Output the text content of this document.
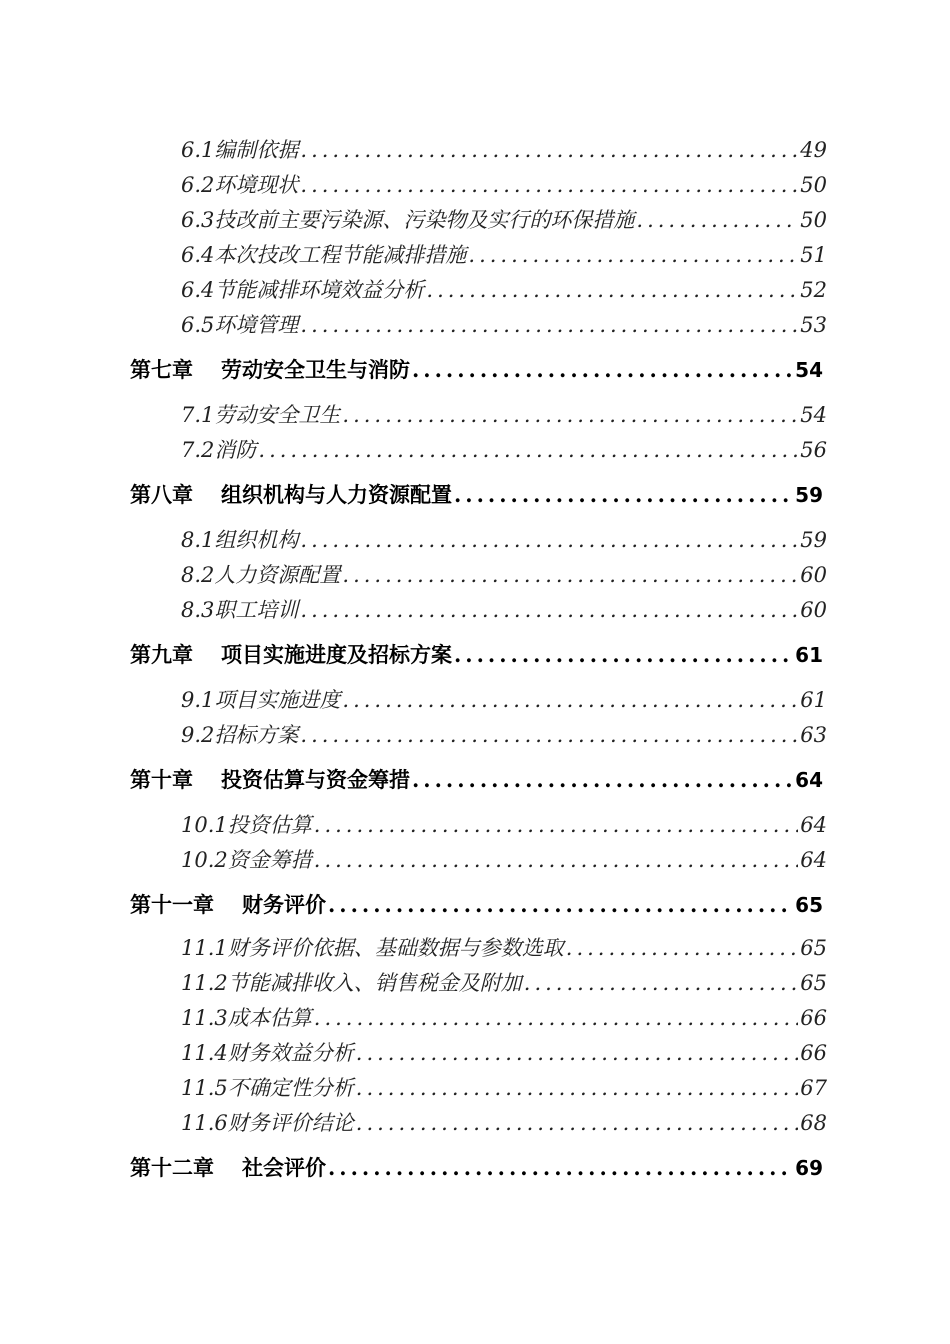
6.1编制依据 .....	49
6.2环境现状 .....	50
6.3技改前主要污染源、污染物及实行的环保措施 .....	50
6.4本次技改工程节能减排措施 .....	51
6.4节能减排环境效益分析 .....	52
6.5环境管理 .....	53
第七章 劳动安全卫生与消防 .....	54
7.1劳动安全卫生 .....	54
7.2消防 .....	56
第八章 组织机构与人力资源配置 .....	59
8.1组织机构 .....	59
8.2人力资源配置 .....	60
8.3职工培训 .....	60
第九章 项目实施进度及招标方案 .....	61
9.1项目实施进度 .....	61
9.2招标方案 .....	63
第十章 投资估算与资金筹措 .....	64
10.1投资估算 .....	64
10.2资金筹措 .....	64
第十一章 财务评价 .....	65
11.1财务评价依据、基础数据与参数选取 .....	65
11.2节能减排收入、销售税金及附加 .....	65
11.3成本估算 .....	66
11.4财务效益分析 .....	66
11.5不确定性分析 .....	67
11.6财务评价结论 .....	68
第十二章 社会评价 .....	69
